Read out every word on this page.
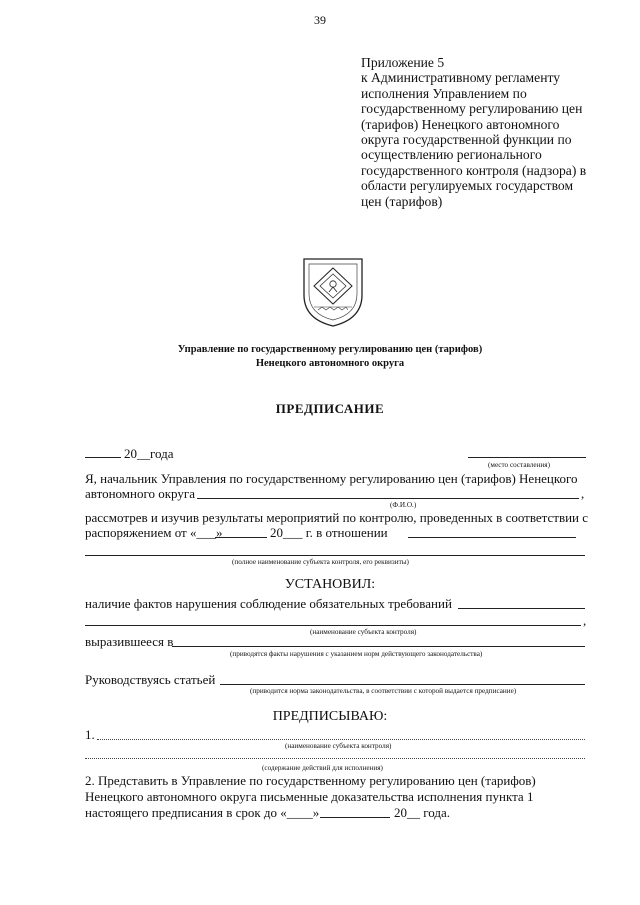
39
Приложение 5
к Административному регламенту
исполнения Управлением по
государственному регулированию цен
(тарифов) Ненецкого автономного
округа государственной функции по
осуществлению регионального
государственного контроля (надзора) в
области регулируемых государством
цен (тарифов)
Управление по государственному регулированию цен (тарифов)
Ненецкого автономного округа
ПРЕДПИСАНИЕ
20__года
(место составления)
Я, начальник Управления по государственному регулированию цен (тарифов) Ненецкого
автономного округа	,
(Ф.И.О.)
рассмотрев и изучив результаты мероприятий по контролю, проведенных в соответствии с
распоряжением от «___»	20___ г. в отношении
(полное наименование субъекта контроля, его реквизиты)
УСТАНОВИЛ:
наличие фактов нарушения соблюдение обязательных требований
,
(наименование субъекта контроля)
выразившееся в
(приводятся факты нарушения с указанием норм действующего законодательства)
Руководствуясь статьей
(приводится норма законодательства, в соответствии с которой выдается предписание)
ПРЕДПИСЫВАЮ:
1.
(наименование субъекта контроля)
(содержание действий для исполнения)
2. Представить в Управление по государственному регулированию цен (тарифов)
Ненецкого автономного округа письменные доказательства исполнения пункта 1
настоящего предписания в срок до «____»	20__ года.
